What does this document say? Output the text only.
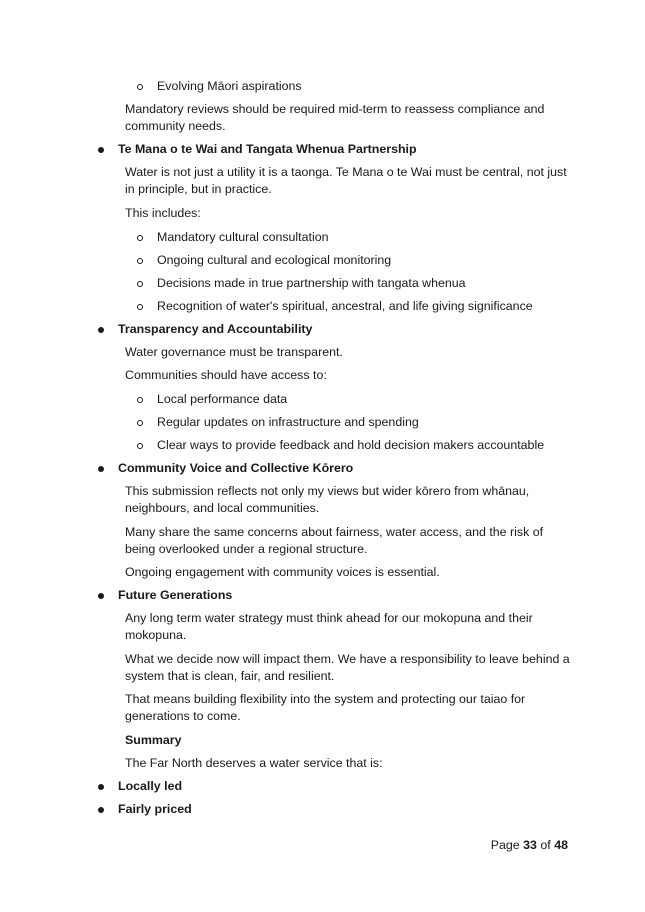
Evolving Māori aspirations
Mandatory reviews should be required mid-term to reassess compliance and community needs.
Te Mana o te Wai and Tangata Whenua Partnership
Water is not just a utility it is a taonga. Te Mana o te Wai must be central, not just in principle, but in practice.
This includes:
Mandatory cultural consultation
Ongoing cultural and ecological monitoring
Decisions made in true partnership with tangata whenua
Recognition of water's spiritual, ancestral, and life giving significance
Transparency and Accountability
Water governance must be transparent.
Communities should have access to:
Local performance data
Regular updates on infrastructure and spending
Clear ways to provide feedback and hold decision makers accountable
Community Voice and Collective Kōrero
This submission reflects not only my views but wider kōrero from whānau, neighbours, and local communities.
Many share the same concerns about fairness, water access, and the risk of being overlooked under a regional structure.
Ongoing engagement with community voices is essential.
Future Generations
Any long term water strategy must think ahead for our mokopuna and their mokopuna.
What we decide now will impact them. We have a responsibility to leave behind a system that is clean, fair, and resilient.
That means building flexibility into the system and protecting our taiao for generations to come.
Summary
The Far North deserves a water service that is:
Locally led
Fairly priced
Page 33 of 48
